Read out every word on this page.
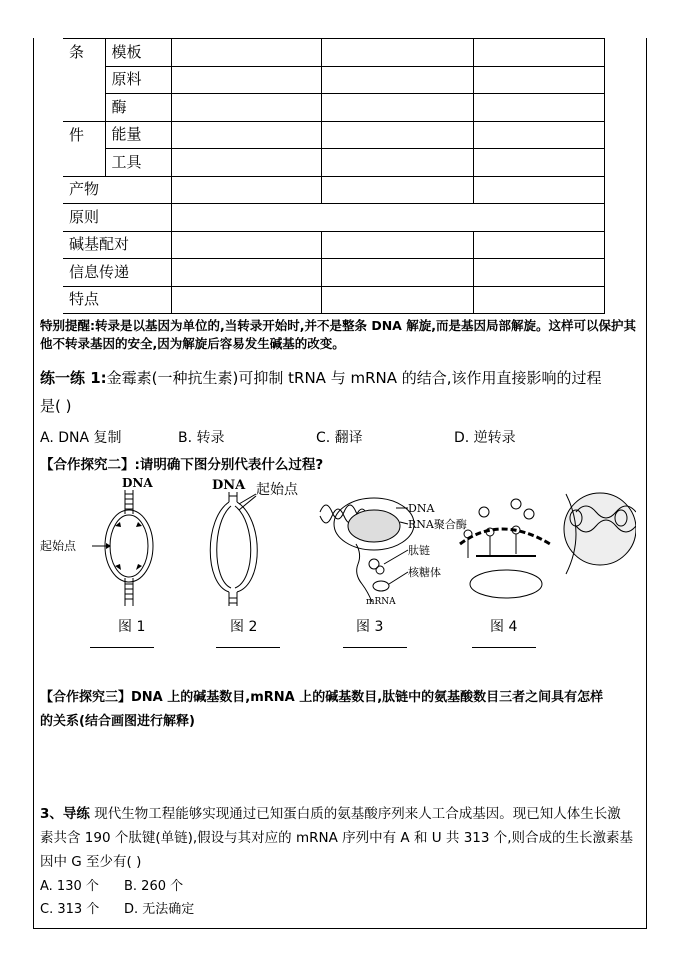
条	模板			
	原料			
	酶			
件	能量			
	工具			
产物				
原则				
碱基配对				
信息传递				
特点				
特别提醒:转录是以基因为单位的,当转录开始时,并不是整条 DNA 解旋,而是基因局部解旋。这样可以保护其他不转录基因的安全,因为解旋后容易发生碱基的改变。
练一练 1:金霉素(一种抗生素)可抑制 tRNA 与 mRNA 的结合,该作用直接影响的过程
是( )
A. DNA 复制	B. 转录	C. 翻译	D. 逆转录
【合作探究二】:请明确下图分别代表什么过程?
DNA
起始点
DNA 起始点
DNA
RNA聚合酶
肽链
核糖体
mRNA
图 1	图 2	图 3	图 4
【合作探究三】DNA 上的碱基数目,mRNA 上的碱基数目,肽链中的氨基酸数目三者之间具有怎样
的关系(结合画图进行解释)
3、导练 现代生物工程能够实现通过已知蛋白质的氨基酸序列来人工合成基因。现已知人体生长激
素共含 190 个肽键(单链),假设与其对应的 mRNA 序列中有 A 和 U 共 313 个,则合成的生长激素基
因中 G 至少有( )
A. 130 个 B. 260 个
C. 313 个 D. 无法确定
